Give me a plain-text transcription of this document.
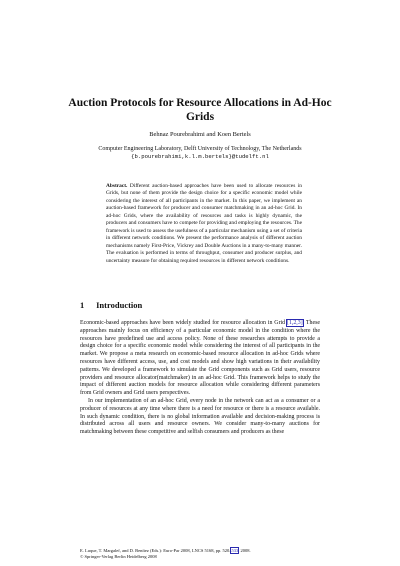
Auction Protocols for Resource Allocations in Ad-Hoc Grids
Behnaz Pourebrahimi and Koen Bertels
Computer Engineering Laboratory, Delft University of Technology, The Netherlands
{b.pourebrahimi,k.l.m.bertels}@tudelft.nl
Abstract. Different auction-based approaches have been used to allocate resources in Grids, but none of them provide the design choice for a specific economic model while considering the interest of all participants in the market. In this paper, we implement an auction-based framework for producer and consumer matchmaking in an ad-hoc Grid. In ad-hoc Grids, where the availability of resources and tasks is highly dynamic, the producers and consumers have to compete for providing and employing the resources. The framework is used to assess the usefulness of a particular mechanism using a set of criteria in different network conditions. We present the performance analysis of different auction mechanisms namely First-Price, Vickrey and Double Auctions in a many-to-many manner. The evaluation is performed in terms of throughput, consumer and producer surplus, and uncertainty measure for obtaining required resources in different network conditions.
1 Introduction

Economic-based approaches have been widely studied for resource allocation in Grid [1,2,3]. These approaches mainly focus on efficiency of a particular economic model in the condition where the resources have predefined use and access policy. None of these researches attempts to provide a design choice for a specific economic model while considering the interest of all participants in the market. We propose a meta research on economic-based resource allocation in ad-hoc Grids where resources have different access, use, and cost models and show high variations in their availability patterns. We developed a framework to simulate the Grid components such as Grid users, resource providers and resource allocator(matchmaker) in an ad-hoc Grid. This framework helps to study the impact of different auction models for resource allocation while considering different parameters from Grid owners and Grid users perspectives.

In our implementation of an ad-hoc Grid, every node in the network can act as a consumer or a producer of resources at any time where there is a need for resource or there is a resource available. In such dynamic condition, there is no global information available and decision-making process is distributed across all users and resource owners. We consider many-to-many auctions for matchmaking between these competitive and selfish consumers and producers as these

E. Luque, T. Margalef, and D. Benítez (Eds.): Euro-Par 2008, LNCS 5168, pp. 520–533, 2008.
© Springer-Verlag Berlin Heidelberg 2008
